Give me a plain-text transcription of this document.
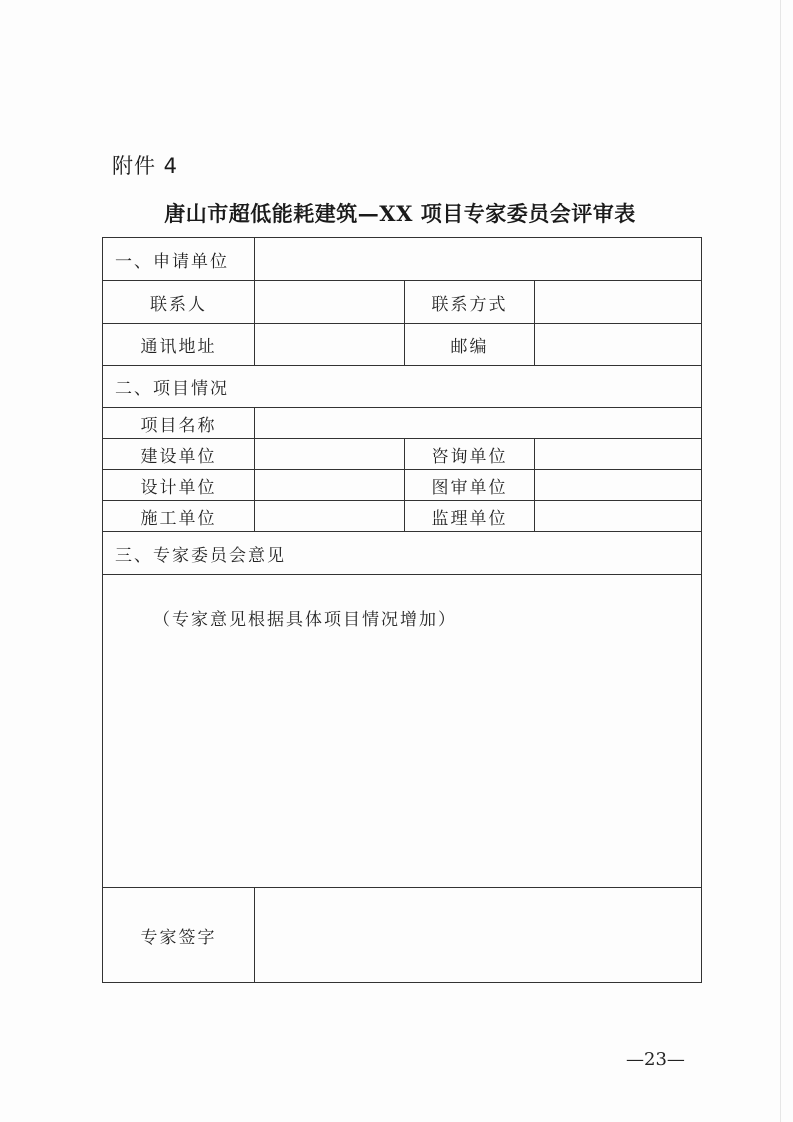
附件 4
唐山市超低能耗建筑—XX 项目专家委员会评审表
一、申请单位			
联系人		联系方式	
通讯地址		邮编	
二、项目情况			
项目名称			
建设单位		咨询单位	
设计单位		图审单位	
施工单位		监理单位	
三、专家委员会意见			
（专家意见根据具体项目情况增加）			
专家签字			
—23—
